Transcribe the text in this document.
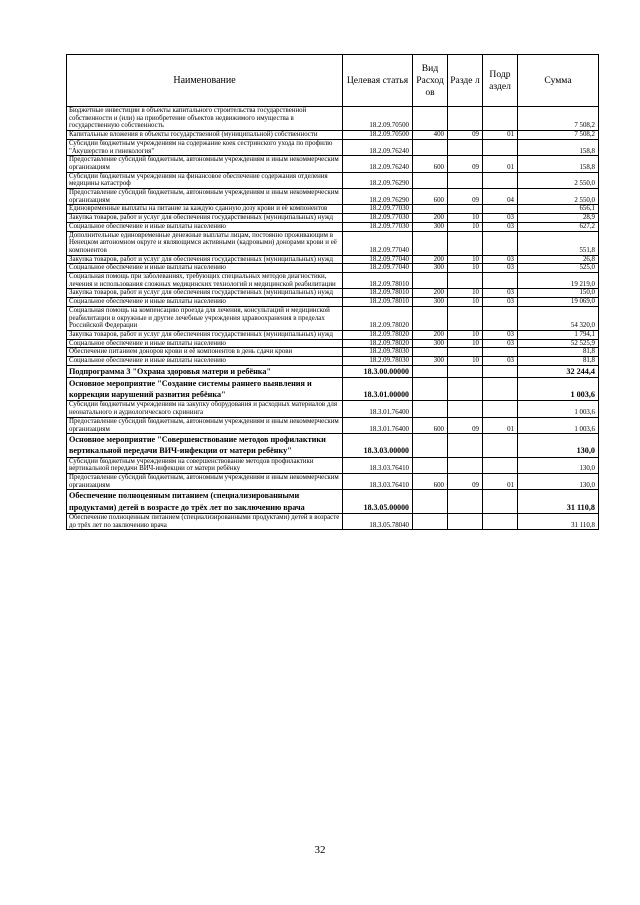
Наименование	Целевая статья	Вид Расход ов	Разде л	Подр аздел	Сумма
Бюджетные инвестиции в объекты капитального строительства государственной собственности и (или) на приобретение объектов недвижимого имущества в государственную собственность	18.2.09.70500				7 508,2
Капитальные вложения в объекты государственной (муниципальной) собственности	18.2.09.70500	400	09	01	7 508,2
Субсидии бюджетным учреждениям на содержание коек сестринского ухода по профилю "Акушерство и гинекология"	18.2.09.76240				158,8
Предоставление субсидий бюджетным, автономным учреждениям и иным некоммерческим организациям	18.2.09.76240	600	09	01	158,8
Субсидии бюджетным учреждениям на финансовое обеспечение содержания отделения медицины катастроф	18.2.09.76290				2 550,0
Предоставление субсидий бюджетным, автономным учреждениям и иным некоммерческим организациям	18.2.09.76290	600	09	04	2 550,0
Единовременные выплаты на питание за каждую сданную дозу крови и её компонентов	18.2.09.77030				656,1
Закупка товаров, работ и услуг для обеспечения государственных (муниципальных) нужд	18.2.09.77030	200	10	03	28,9
Социальное обеспечение и иные выплаты населению	18.2.09.77030	300	10	03	627,2
Дополнительные единовременные денежные выплаты лицам, постоянно проживающим в Ненецком автономном округе и являющимся активными (кадровыми) донорами крови и её компонентов	18.2.09.77040				551,8
Закупка товаров, работ и услуг для обеспечения государственных (муниципальных) нужд	18.2.09.77040	200	10	03	26,8
Социальное обеспечение и иные выплаты населению	18.2.09.77040	300	10	03	525,0
Социальная помощь при заболеваниях, требующих специальных методов диагностики, лечения и использования сложных медицинских технологий и медицинской реабилитации	18.2.09.78010				19 219,0
Закупка товаров, работ и услуг для обеспечения государственных (муниципальных) нужд	18.2.09.78010	200	10	03	150,0
Социальное обеспечение и иные выплаты населению	18.2.09.78010	300	10	03	19 069,0
Социальная помощь на компенсацию проезда для лечения, консультаций и медицинской реабилитации в окружные и другие лечебные учреждения здравоохранения в пределах Российской Федерации	18.2.09.78020				54 320,0
Закупка товаров, работ и услуг для обеспечения государственных (муниципальных) нужд	18.2.09.78020	200	10	03	1 794,1
Социальное обеспечение и иные выплаты населению	18.2.09.78020	300	10	03	52 525,9
Обеспечение питанием доноров крови и её компонентов в день сдачи крови	18.2.09.78030				81,8
Социальное обеспечение и иные выплаты населению	18.2.09.78030	300	10	03	81,8
Подпрограмма 3 "Охрана здоровья матери и ребёнка"	18.3.00.00000				32 244,4
Основное мероприятие "Создание системы раннего выявления и коррекции нарушений развития ребёнка"	18.3.01.00000				1 003,6
Субсидии бюджетным учреждениям на закупку оборудования и расходных материалов для неонатального и аудиологического скрининга	18.3.01.76400				1 003,6
Предоставление субсидий бюджетным, автономным учреждениям и иным некоммерческим организациям	18.3.01.76400	600	09	01	1 003,6
Основное мероприятие "Совершенствование методов профилактики вертикальной передачи ВИЧ-инфекции от матери ребёнку"	18.3.03.00000				130,0
Субсидии бюджетным учреждениям на совершенствование методов профилактики вертикальной передачи ВИЧ-инфекции от матери ребёнку	18.3.03.76410				130,0
Предоставление субсидий бюджетным, автономным учреждениям и иным некоммерческим организациям	18.3.03.76410	600	09	01	130,0
Обеспечение полноценным питанием (специализированными продуктами) детей в возрасте до трёх лет по заключению врача	18.3.05.00000				31 110,8
Обеспечение полноценным питанием (специализированными продуктами) детей в возрасте до трёх лет по заключению врача	18.3.05.78040				31 110,8
32
